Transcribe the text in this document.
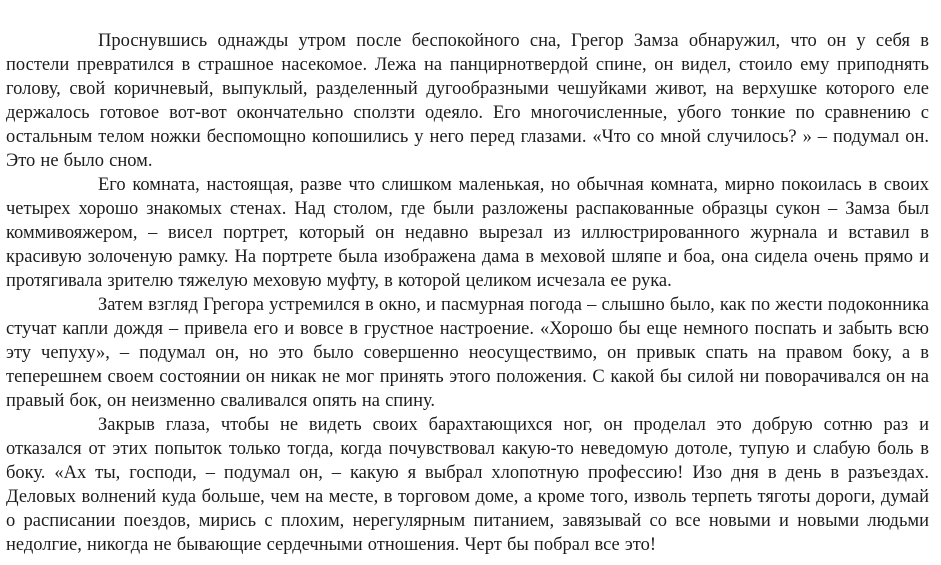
Проснувшись однажды утром после беспокойного сна, Грегор Замза обнаружил, что он у себя в постели превратился в страшное насекомое. Лежа на панцирнотвердой спине, он видел, стоило ему приподнять голову, свой коричневый, выпуклый, разделенный дугообразными чешуйками живот, на верхушке которого еле держалось готовое вот-вот окончательно сползти одеяло. Его многочисленные, убого тонкие по сравнению с остальным телом ножки беспомощно копошились у него перед глазами. «Что со мной случилось? » – подумал он. Это не было сном.

Его комната, настоящая, разве что слишком маленькая, но обычная комната, мирно покоилась в своих четырех хорошо знакомых стенах. Над столом, где были разложены распакованные образцы сукон – Замза был коммивояжером, – висел портрет, который он недавно вырезал из иллюстрированного журнала и вставил в красивую золоченую рамку. На портрете была изображена дама в меховой шляпе и боа, она сидела очень прямо и протягивала зрителю тяжелую меховую муфту, в которой целиком исчезала ее рука.

Затем взгляд Грегора устремился в окно, и пасмурная погода – слышно было, как по жести подоконника стучат капли дождя – привела его и вовсе в грустное настроение. «Хорошо бы еще немного поспать и забыть всю эту чепуху», – подумал он, но это было совершенно неосуществимо, он привык спать на правом боку, а в теперешнем своем состоянии он никак не мог принять этого положения. С какой бы силой ни поворачивался он на правый бок, он неизменно сваливался опять на спину.

Закрыв глаза, чтобы не видеть своих барахтающихся ног, он проделал это добрую сотню раз и отказался от этих попыток только тогда, когда почувствовал какую-то неведомую дотоле, тупую и слабую боль в боку. «Ах ты, господи, – подумал он, – какую я выбрал хлопотную профессию! Изо дня в день в разъездах. Деловых волнений куда больше, чем на месте, в торговом доме, а кроме того, изволь терпеть тяготы дороги, думай о расписании поездов, мирись с плохим, нерегулярным питанием, завязывай со все новыми и новыми людьми недолгие, никогда не бывающие сердечными отношения. Черт бы побрал все это!
